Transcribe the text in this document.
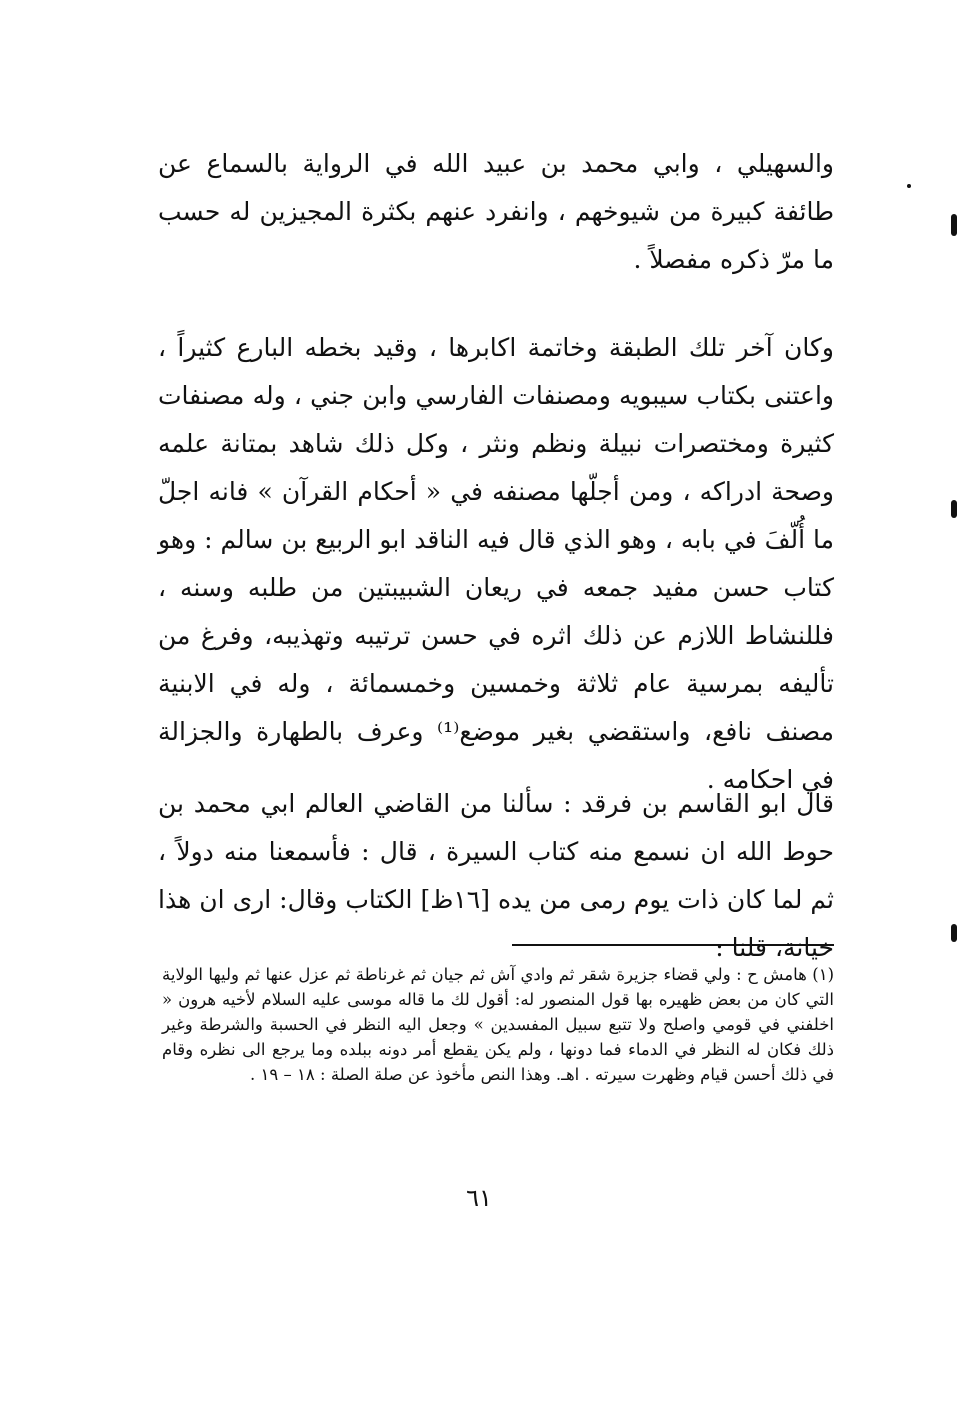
والسهيلي ، وابي محمد بن عبيد الله في الرواية بالسماع عن طائفة كبيرة من شيوخهم ، وانفرد عنهم بكثرة المجيزين له حسب ما مرّ ذكره مفصلاً .

وكان آخر تلك الطبقة وخاتمة اكابرها ، وقيد بخطه البارع كثيراً ، واعتنى بكتاب سيبويه ومصنفات الفارسي وابن جني ، وله مصنفات كثيرة ومختصرات نبيلة ونظم ونثر ، وكل ذلك شاهد بمتانة علمه وصحة ادراكه ، ومن أجلّها مصنفه في « أحكام القرآن » فانه اجلّ ما أُلّفَ في بابه ، وهو الذي قال فيه الناقد ابو الربيع بن سالم : وهو كتاب حسن مفيد جمعه في ريعان الشبيبتين من طلبه وسنه ، فللنشاط اللازم عن ذلك اثره في حسن ترتيبه وتهذيبه، وفرغ من تأليفه بمرسية عام ثلاثة وخمسين وخمسمائة ، وله في الابنية مصنف نافع، واستقضي بغير موضع⁽¹⁾ وعرف بالطهارة والجزالة في احكامه .

قال ابو القاسم بن فرقد : سألنا من القاضي العالم ابي محمد بن حوط الله ان نسمع منه كتاب السيرة ، قال : فأسمعنا منه دولاً ، ثم لما كان ذات يوم رمى من يده [١٦ظ] الكتاب وقال: ارى ان هذا خيانة، قلنا :

(١) هامش ح : ولي قضاء جزيرة شقر ثم وادي آش ثم جيان ثم غرناطة ثم عزل عنها ثم وليها الولاية التي كان من بعض ظهيره بها قول المنصور له: أقول لك ما قاله موسى عليه السلام لأخيه هرون « اخلفني في قومي واصلح ولا تتبع سبيل المفسدين » وجعل اليه النظر في الحسبة والشرطة وغير ذلك فكان له النظر في الدماء فما دونها ، ولم يكن يقطع أمر دونه ببلده وما يرجع الى نظره وقام في ذلك أحسن قيام وظهرت سيرته . اهـ. وهذا النص مأخوذ عن صلة الصلة : ١٨ – ١٩ .

٦١
